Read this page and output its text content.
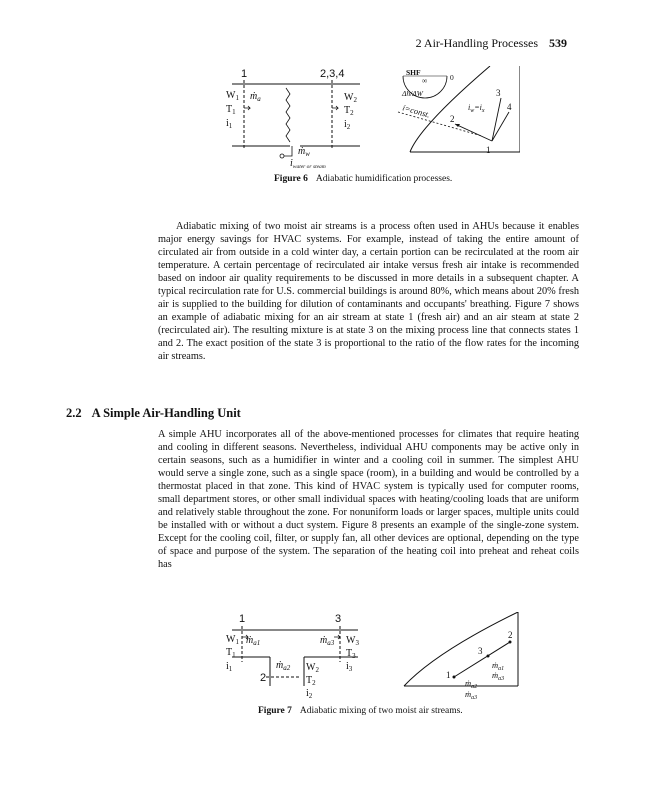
2 Air-Handling Processes 539
1	2,3,4
$W_1$
$T_1$
$i_1$
ṁ$_a$	$W_2$
$T_2$
$i_2$
ṁ$_w$
$i_{water or steam}$
SHF
0
∞
Δh/ΔW
i=const.
1
2
3
4
$i_w=i_x$
Figure 6 Adiabatic humidification processes.
Adiabatic mixing of two moist air streams is a process often used in AHUs because it enables major energy savings for HVAC systems. For example, instead of taking the entire amount of circulated air from outside in a cold winter day, a certain portion can be recirculated at the room air temperature. A certain percentage of recirculated air intake versus fresh air intake is recommended based on indoor air quality requirements to be discussed in more details in a subsequent chapter. A typical recirculation rate for U.S. commercial buildings is around 80%, which means about 20% fresh air is supplied to the building for dilution of contaminants and occupants' breathing. Figure 7 shows an example of adiabatic mixing for an air stream at state 1 (fresh air) and an air steam at state 2 (recirculated air). The resulting mixture is at state 3 on the mixing process line that connects states 1 and 2. The exact position of the state 3 is proportional to the ratio of the flow rates for the incoming air streams.
2.2 A Simple Air-Handling Unit
A simple AHU incorporates all of the above-mentioned processes for climates that require heating and cooling in different seasons. Nevertheless, individual AHU components may be active only in certain seasons, such as a humidifier in winter and a cooling coil in summer. The simplest AHU would serve a single zone, such as a single space (room), in a building and would be controlled by a thermostat placed in that zone. This kind of HVAC system is typically used for computer rooms, small department stores, or other small individual spaces with heating/cooling loads that are uniform and relatively stable throughout the zone. For nonuniform loads or larger spaces, multiple units could be installed with or without a duct system. Figure 8 presents an example of the single-zone system. Except for the cooling coil, filter, or supply fan, all other devices are optional, depending on the type of space and purpose of the system. The separation of the heating coil into preheat and reheat coils has
1	3
2
$W_1$
$T_1$
$i_1$
ṁ$_{a1}$	ṁ$_{a3}$ $W_3$
$T_3$
$i_3$
ṁ$_{a2}$ $W_2$
$T_2$
$i_2$
1
2
3
ṁ$_{a1}$
ṁ$_{a3}$
ṁ$_{a2}$
ṁ$_{a3}$
Figure 7 Adiabatic mixing of two moist air streams.
